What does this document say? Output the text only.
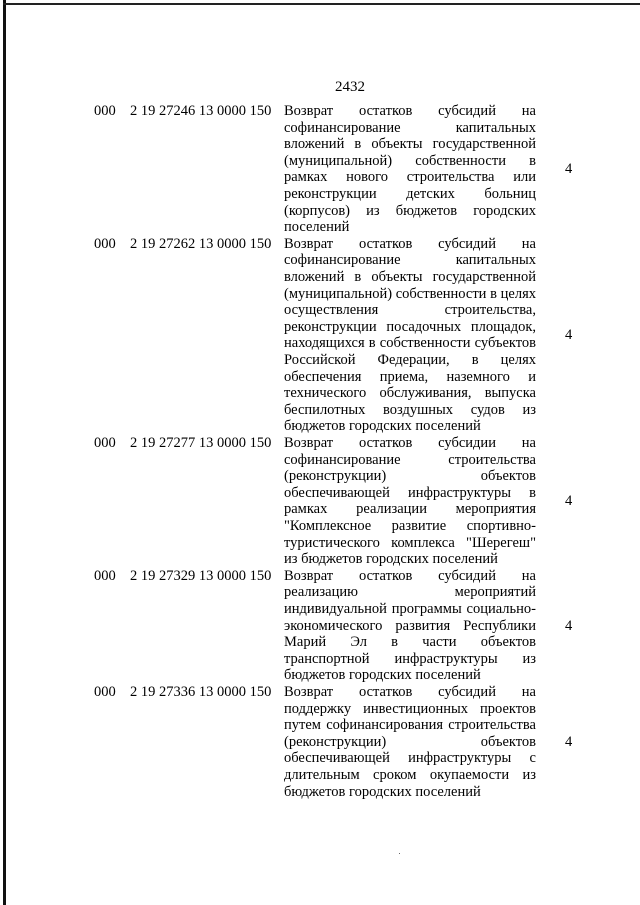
2432
000 2 19 27246 13 0000 150 Возврат остатков субсидий на
софинансирование капитальных
вложений в объекты государственной
(муниципальной) собственности в
рамках нового строительства или
реконструкции детских больниц
(корпусов) из бюджетов городских
поселений
4
000 2 19 27262 13 0000 150 Возврат остатков субсидий на
софинансирование капитальных
вложений в объекты государственной
(муниципальной) собственности в целях
осуществления строительства,
реконструкции посадочных площадок,
находящихся в собственности субъектов
Российской Федерации, в целях
обеспечения приема, наземного и
технического обслуживания, выпуска
беспилотных воздушных судов из
бюджетов городских поселений
4
000 2 19 27277 13 0000 150 Возврат остатков субсидии на
софинансирование строительства
(реконструкции) объектов
обеспечивающей инфраструктуры в
рамках реализации мероприятия
"Комплексное развитие спортивно-
туристического комплекса "Шерегеш"
из бюджетов городских поселений
4
000 2 19 27329 13 0000 150 Возврат остатков субсидий на
реализацию мероприятий
индивидуальной программы социально-
экономического развития Республики
Марий Эл в части объектов
транспортной инфраструктуры из
бюджетов городских поселений
4
000 2 19 27336 13 0000 150 Возврат остатков субсидий на
поддержку инвестиционных проектов
путем софинансирования строительства
(реконструкции) объектов
обеспечивающей инфраструктуры с
длительным сроком окупаемости из
бюджетов городских поселений
4
